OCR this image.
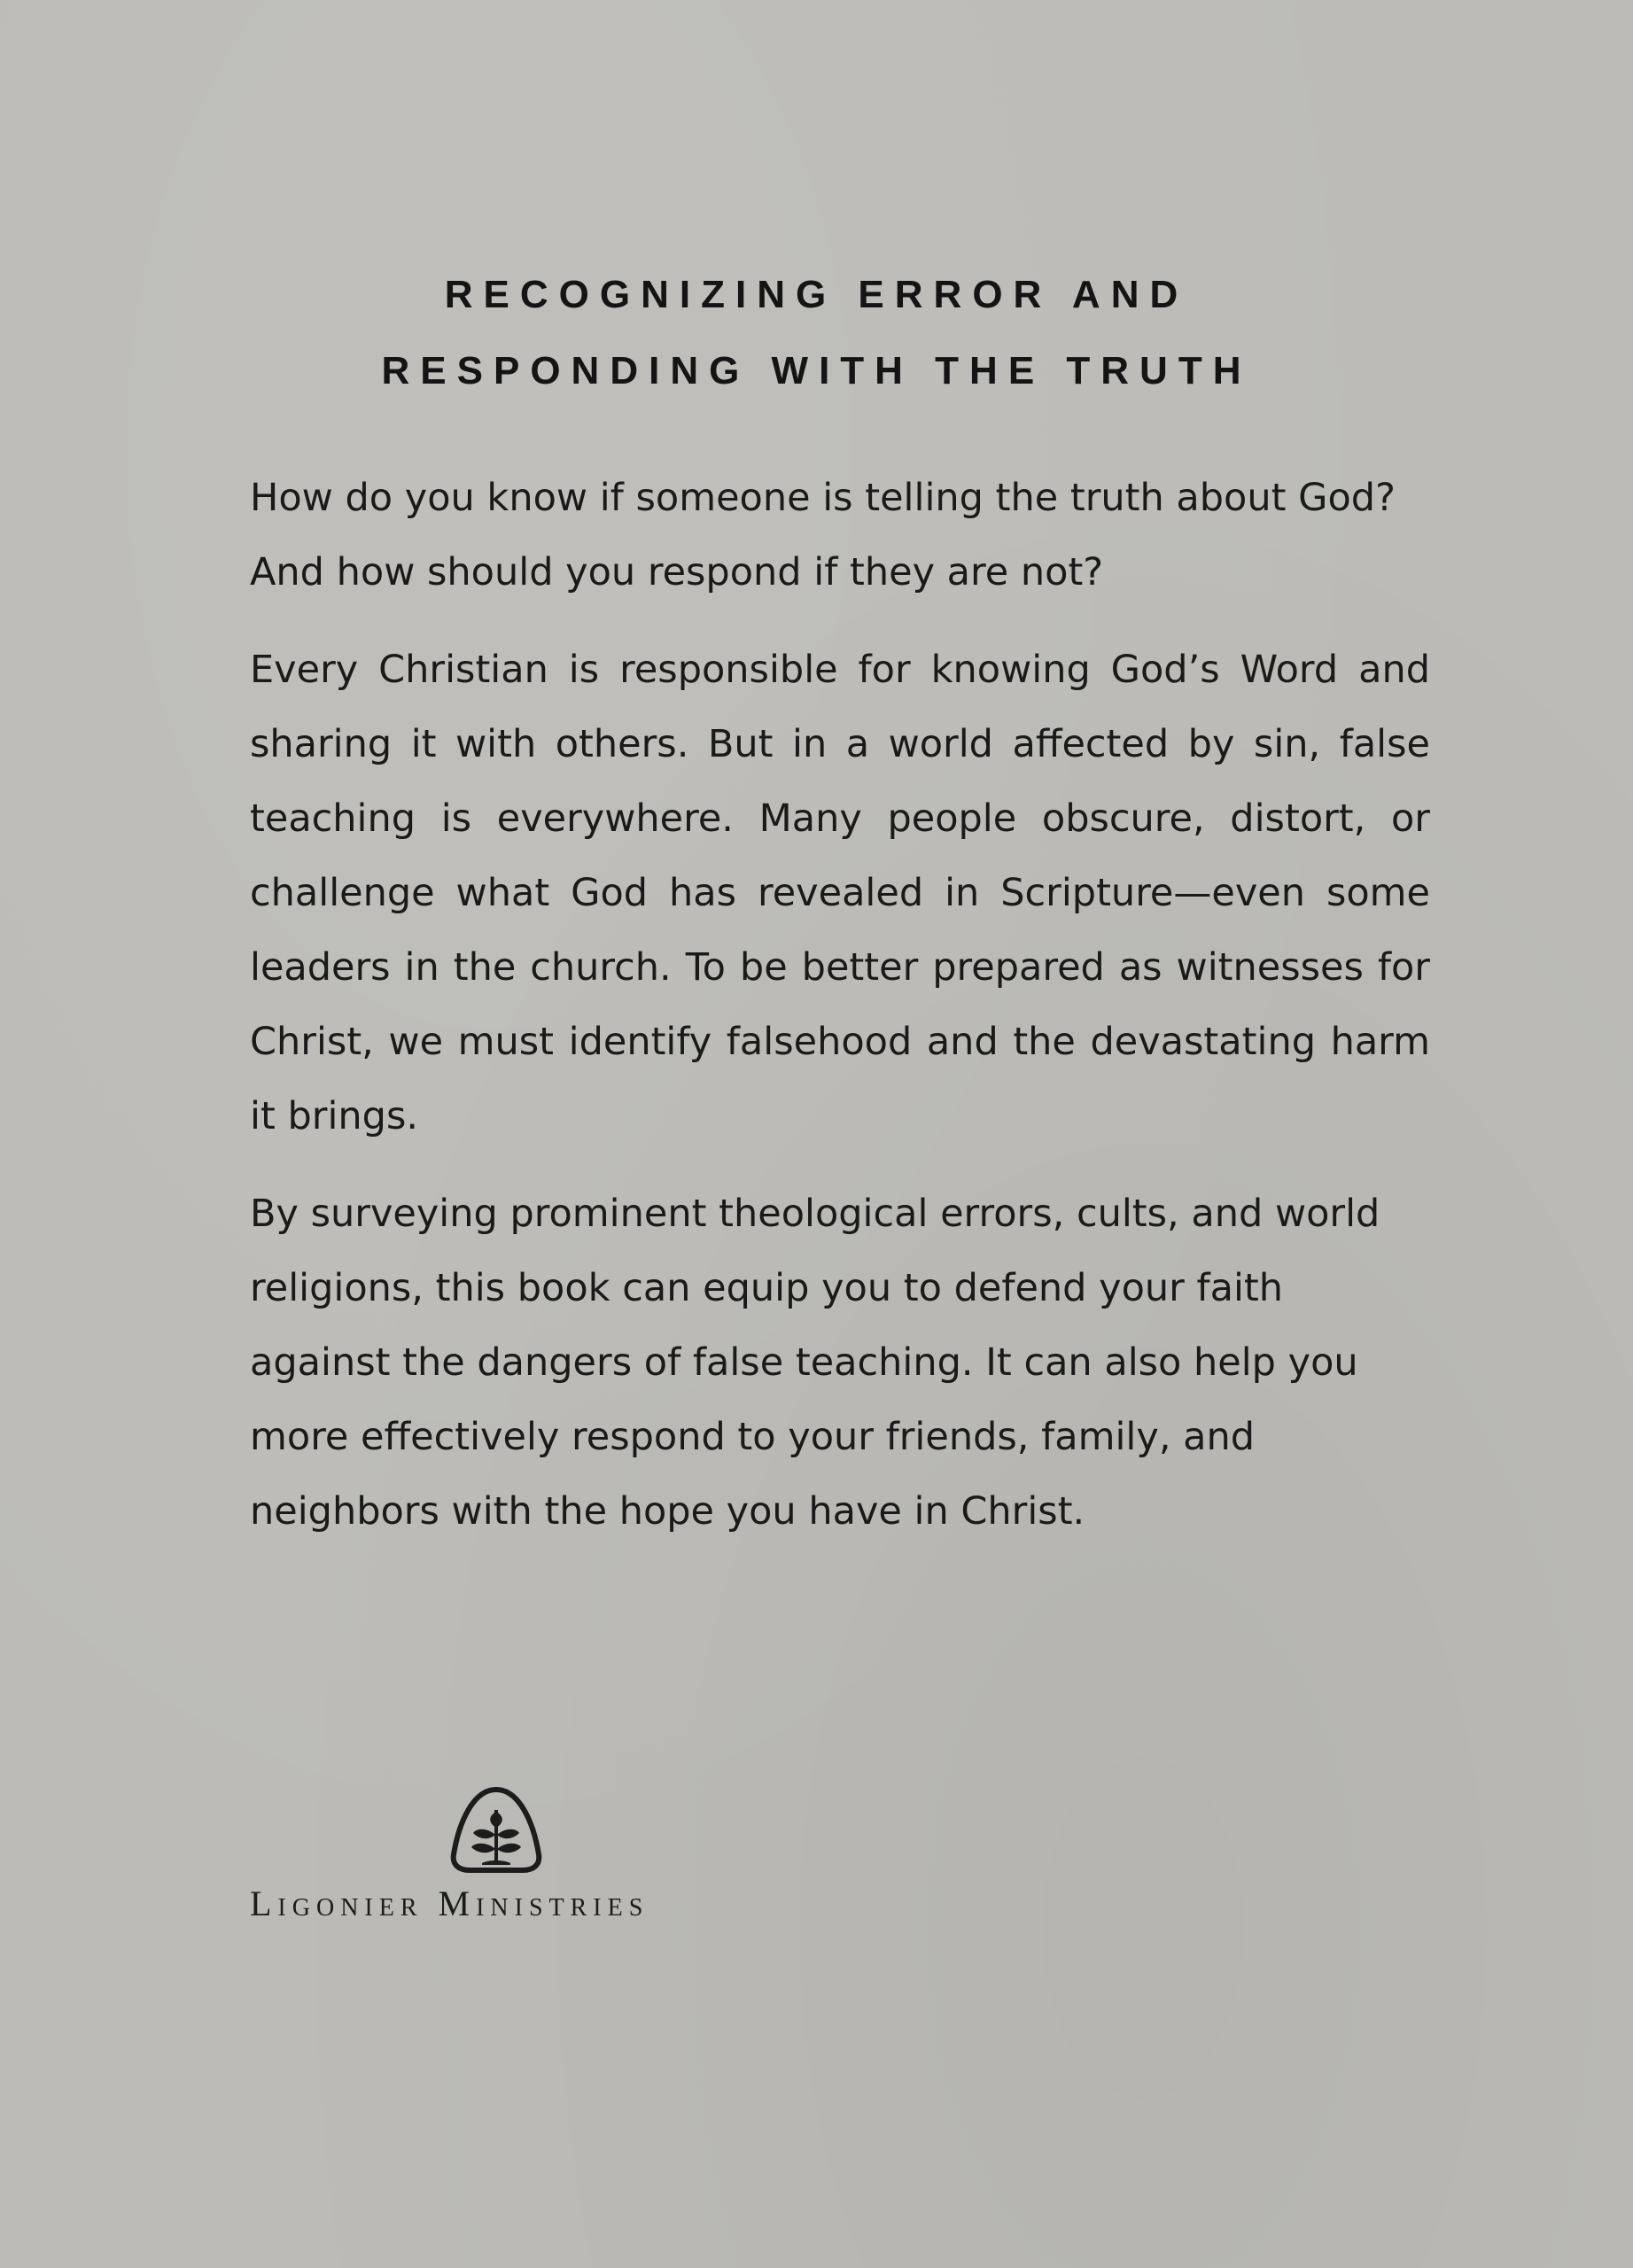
RECOGNIZING ERROR AND
RESPONDING WITH THE TRUTH

How do you know if someone is telling the truth about God? And how should you respond if they are not?

Every Christian is responsible for knowing God’s Word and sharing it with others. But in a world affected by sin, false teaching is everywhere. Many people obscure, distort, or challenge what God has revealed in Scripture—even some leaders in the church. To be better prepared as witnesses for Christ, we must identify falsehood and the devastating harm it brings.

By surveying prominent theological errors, cults, and world religions, this book can equip you to defend your faith against the dangers of false teaching. It can also help you more effectively respond to your friends, family, and neighbors with the hope you have in Christ.

Ligonier Ministries
